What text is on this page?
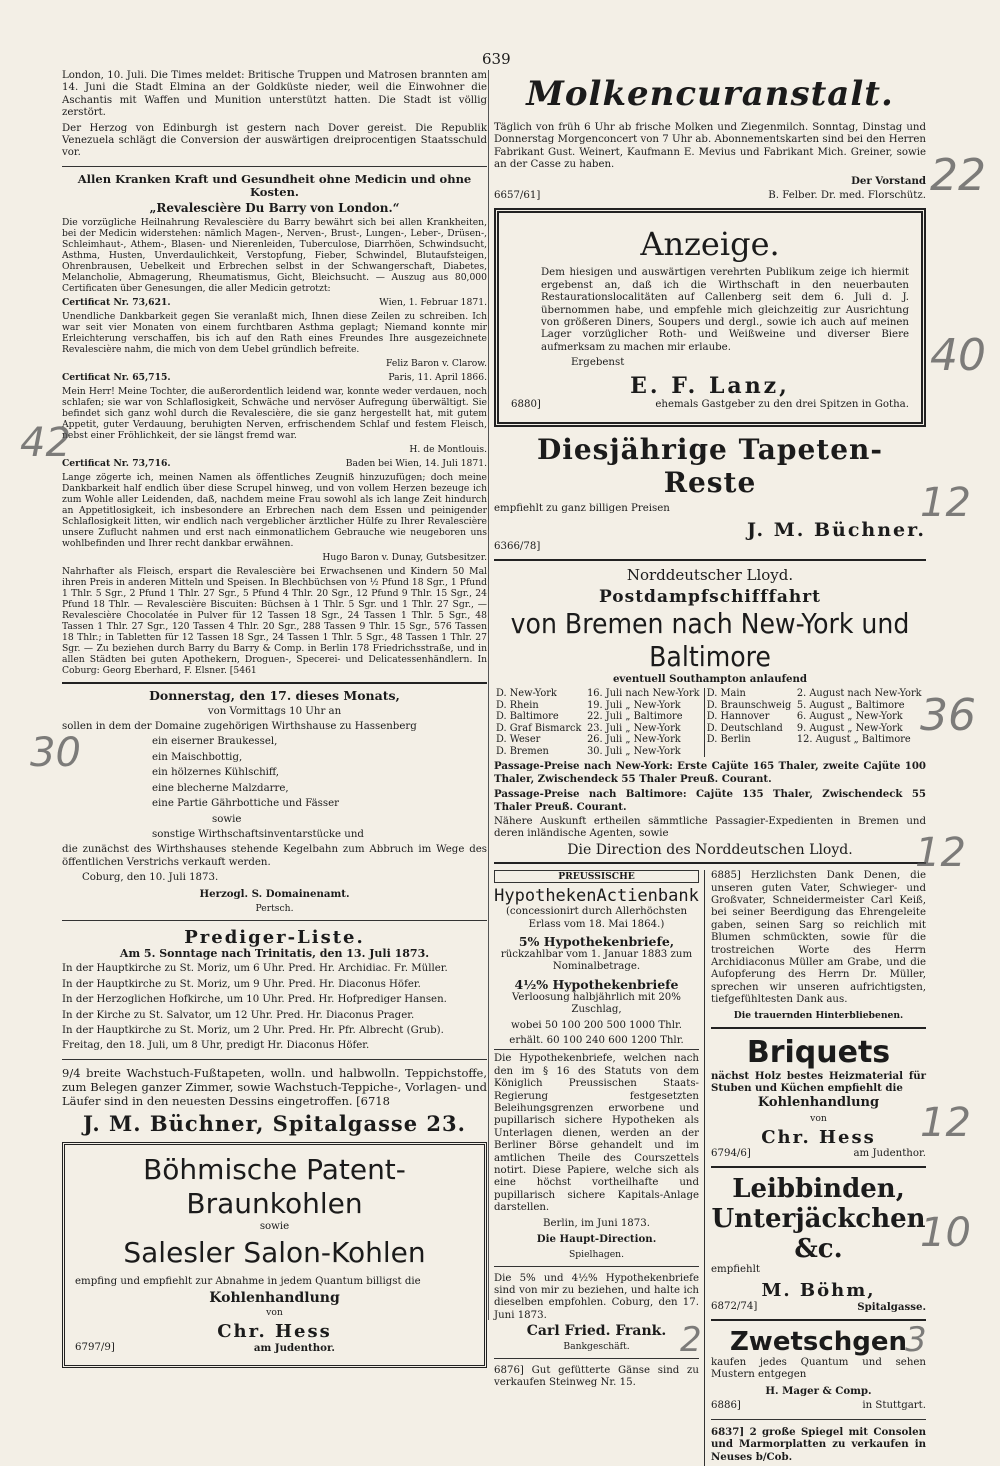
639

London, 10. Juli. Die Times meldet: Britische Truppen und Matrosen brannten am 14. Juni die Stadt Elmina an der Goldküste nieder, weil die Einwohner die Aschantis mit Waffen und Munition unterstützt hatten. Die Stadt ist völlig zerstört.

Der Herzog von Edinburgh ist gestern nach Dover gereist. Die Republik Venezuela schlägt die Conversion der auswärtigen dreiprocentigen Staatsschuld vor.

Allen Kranken Kraft und Gesundheit ohne Medicin und ohne Kosten.

„Revalescière Du Barry von London.“

Die vorzügliche Heilnahrung Revalescière du Barry bewährt sich bei allen Krankheiten, bei der Medicin widerstehen: nämlich Magen-, Nerven-, Brust-, Lungen-, Leber-, Drüsen-, Schleimhaut-, Athem-, Blasen- und Nierenleiden, Tuberculose, Diarrhöen, Schwindsucht, Asthma, Husten, Unverdaulichkeit, Verstopfung, Fieber, Schwindel, Blutaufsteigen, Ohrenbrausen, Uebelkeit und Erbrechen selbst in der Schwangerschaft, Diabetes, Melancholie, Abmagerung, Rheumatismus, Gicht, Bleichsucht. — Auszug aus 80,000 Certificaten über Genesungen, die aller Medicin getrotzt:

Certificat Nr. 73,621.	Wien, 1. Februar 1871.

Unendliche Dankbarkeit gegen Sie veranlaßt mich, Ihnen diese Zeilen zu schreiben. Ich war seit vier Monaten von einem furchtbaren Asthma geplagt; Niemand konnte mir Erleichterung verschaffen, bis ich auf den Rath eines Freundes Ihre ausgezeichnete Revalescière nahm, die mich von dem Uebel gründlich befreite.

Feliz Baron v. Clarow.

Certificat Nr. 65,715.	Paris, 11. April 1866.

Mein Herr! Meine Tochter, die außerordentlich leidend war, konnte weder verdauen, noch schlafen; sie war von Schlaflosigkeit, Schwäche und nervöser Aufregung überwältigt. Sie befindet sich ganz wohl durch die Revalescière, die sie ganz hergestellt hat, mit gutem Appetit, guter Verdauung, beruhigten Nerven, erfrischendem Schlaf und festem Fleisch, nebst einer Fröhlichkeit, der sie längst fremd war.

H. de Montlouis.

Certificat Nr. 73,716.	Baden bei Wien, 14. Juli 1871.

Lange zögerte ich, meinen Namen als öffentliches Zeugniß hinzuzufügen; doch meine Dankbarkeit half endlich über diese Scrupel hinweg, und von vollem Herzen bezeuge ich zum Wohle aller Leidenden, daß, nachdem meine Frau sowohl als ich lange Zeit hindurch an Appetitlosigkeit, ich insbesondere an Erbrechen nach dem Essen und peinigender Schlaflosigkeit litten, wir endlich nach vergeblicher ärztlicher Hülfe zu Ihrer Revalescière unsere Zuflucht nahmen und erst nach einmonatlichem Gebrauche wie neugeboren uns wohlbefinden und Ihrer recht dankbar erwähnen.

Hugo Baron v. Dunay, Gutsbesitzer.

Nahrhafter als Fleisch, erspart die Revalescière bei Erwachsenen und Kindern 50 Mal ihren Preis in anderen Mitteln und Speisen. In Blechbüchsen von ½ Pfund 18 Sgr., 1 Pfund 1 Thlr. 5 Sgr., 2 Pfund 1 Thlr. 27 Sgr., 5 Pfund 4 Thlr. 20 Sgr., 12 Pfund 9 Thlr. 15 Sgr., 24 Pfund 18 Thlr. — Revalescière Biscuiten: Büchsen à 1 Thlr. 5 Sgr. und 1 Thlr. 27 Sgr., — Revalescière Chocolatée in Pulver für 12 Tassen 18 Sgr., 24 Tassen 1 Thlr. 5 Sgr., 48 Tassen 1 Thlr. 27 Sgr., 120 Tassen 4 Thlr. 20 Sgr., 288 Tassen 9 Thlr. 15 Sgr., 576 Tassen 18 Thlr.; in Tabletten für 12 Tassen 18 Sgr., 24 Tassen 1 Thlr. 5 Sgr., 48 Tassen 1 Thlr. 27 Sgr. — Zu beziehen durch Barry du Barry & Comp. in Berlin 178 Friedrichsstraße, und in allen Städten bei guten Apothekern, Droguen-, Specerei- und Delicatessenhändlern. In Coburg: Georg Eberhard, F. Elsner. [5461

Donnerstag, den 17. dieses Monats,

von Vormittags 10 Uhr an

sollen in dem der Domaine zugehörigen Wirthshause zu Hassenberg

ein eiserner Braukessel,

ein Maischbottig,

ein hölzernes Kühlschiff,

eine blecherne Malzdarre,

eine Partie Gährbottiche und Fässer

sowie

sonstige Wirthschaftsinventarstücke und

die zunächst des Wirthshauses stehende Kegelbahn zum Abbruch im Wege des öffentlichen Verstrichs verkauft werden.

Coburg, den 10. Juli 1873.

Herzogl. S. Domainenamt.

Pertsch.

Prediger-Liste.

Am 5. Sonntage nach Trinitatis, den 13. Juli 1873.

In der Hauptkirche zu St. Moriz, um 6 Uhr. Pred. Hr. Archidiac. Fr. Müller.

In der Hauptkirche zu St. Moriz, um 9 Uhr. Pred. Hr. Diaconus Höfer.

In der Herzoglichen Hofkirche, um 10 Uhr. Pred. Hr. Hofprediger Hansen.

In der Kirche zu St. Salvator, um 12 Uhr. Pred. Hr. Diaconus Prager.

In der Hauptkirche zu St. Moriz, um 2 Uhr. Pred. Hr. Pfr. Albrecht (Grub).

Freitag, den 18. Juli, um 8 Uhr, predigt Hr. Diaconus Höfer.

9/4 breite Wachstuch-Fußtapeten, wolln. und halbwolln. Teppichstoffe, zum Belegen ganzer Zimmer, sowie Wachstuch-Teppiche-, Vorlagen- und Läufer sind in den neuesten Dessins eingetroffen. [6718

J. M. Büchner, Spitalgasse 23.
Böhmische Patent-Braunkohlen

sowie

Salesler Salon-Kohlen

empfing und empfiehlt zur Abnahme in jedem Quantum billigst die

Kohlenhandlung

von

Chr. Hess

6797/9]	am Judenthor.

Molkencuranstalt.

Täglich von früh 6 Uhr ab frische Molken und Ziegenmilch. Sonntag, Dinstag und Donnerstag Morgenconcert von 7 Uhr ab. Abonnementskarten sind bei den Herren Fabrikant Gust. Weinert, Kaufmann E. Mevius und Fabrikant Mich. Greiner, sowie an der Casse zu haben.

Der Vorstand

6657/61]	B. Felber. Dr. med. Florschütz.

Anzeige.

Dem hiesigen und auswärtigen verehrten Publikum zeige ich hiermit ergebenst an, daß ich die Wirthschaft in den neuerbauten Restaurationslocalitäten auf Callenberg seit dem 6. Juli d. J. übernommen habe, und empfehle mich gleichzeitig zur Ausrichtung von größeren Diners, Soupers und dergl., sowie ich auch auf meinen Lager vorzüglicher Roth- und Weißweine und diverser Biere aufmerksam zu machen mir erlaube.

Ergebenst

E. F. Lanz,

6880]	ehemals Gastgeber zu den drei Spitzen in Gotha.

Diesjährige Tapeten-Reste

empfiehlt zu ganz billigen Preisen

J. M. Büchner.

6366/78]

Norddeutscher Lloyd.

Postdampfschifffahrt
von Bremen nach New-York und Baltimore

eventuell Southampton anlaufend

D. New-York	16. Juli nach New-York	D. Main	2. August nach New-York
D. Rhein	19. Juli „ New-York	D. Braunschweig	5. August „ Baltimore
D. Baltimore	22. Juli „ Baltimore	D. Hannover	6. August „ New-York
D. Graf Bismarck	23. Juli „ New-York	D. Deutschland	9. August „ New-York
D. Weser	26. Juli „ New-York	D. Berlin	12. August „ Baltimore
D. Bremen	30. Juli „ New-York		

Passage-Preise nach New-York: Erste Cajüte 165 Thaler, zweite Cajüte 100 Thaler, Zwischendeck 55 Thaler Preuß. Courant.

Passage-Preise nach Baltimore: Cajüte 135 Thaler, Zwischendeck 55 Thaler Preuß. Courant.

Nähere Auskunft ertheilen sämmtliche Passagier-Expedienten in Bremen und deren inländische Agenten, sowie

Die Direction des Norddeutschen Lloyd.

PREUSSISCHE

HypothekenActienbank

(concessionirt durch Allerhöchsten Erlass vom 18. Mai 1864.)

5% Hypothekenbriefe,

rückzahlbar vom 1. Januar 1883 zum Nominalbetrage.

4½% Hypothekenbriefe

Verloosung halbjährlich mit 20% Zuschlag,

wobei 50 100 200 500 1000 Thlr.

erhält. 60 100 240 600 1200 Thlr.

Die Hypothekenbriefe, welchen nach den im § 16 des Statuts von dem Königlich Preussischen Staats-Regierung festgesetzten Beleihungsgrenzen erworbene und pupillarisch sichere Hypotheken als Unterlagen dienen, werden an der Berliner Börse gehandelt und im amtlichen Theile des Courszettels notirt. Diese Papiere, welche sich als eine höchst vortheilhafte und pupillarisch sichere Kapitals-Anlage darstellen.

Berlin, im Juni 1873.

Die Haupt-Direction.

Spielhagen.

Die 5% und 4½% Hypothekenbriefe sind von mir zu beziehen, und halte ich dieselben empfohlen. Coburg, den 17. Juni 1873.

Carl Fried. Frank.

Bankgeschäft.

6876] Gut gefütterte Gänse sind zu verkaufen Steinweg Nr. 15.

6885] Herzlichsten Dank Denen, die unseren guten Vater, Schwieger- und Großvater, Schneidermeister Carl Keiß, bei seiner Beerdigung das Ehrengeleite gaben, seinen Sarg so reichlich mit Blumen schmückten, sowie für die trostreichen Worte des Herrn Archidiaconus Müller am Grabe, und die Aufopferung des Herrn Dr. Müller, sprechen wir unseren aufrichtigsten, tiefgefühltesten Dank aus.

Die trauernden Hinterbliebenen.

Briquets

nächst Holz bestes Heizmaterial für Stuben und Küchen empfiehlt die

Kohlenhandlung

von

Chr. Hess

6794/6]	am Judenthor.

Leibbinden,
Unterjäckchen &c.

empfiehlt

M. Böhm,

6872/74]	Spitalgasse.

Zwetschgen

kaufen jedes Quantum und sehen Mustern entgegen

H. Mager & Comp.

6886]	in Stuttgart.

6837] 2 große Spiegel mit Consolen und Marmorplatten zu verkaufen in Neuses b/Cob.

22
40
12
36
12
12
10
30
42
3
2
